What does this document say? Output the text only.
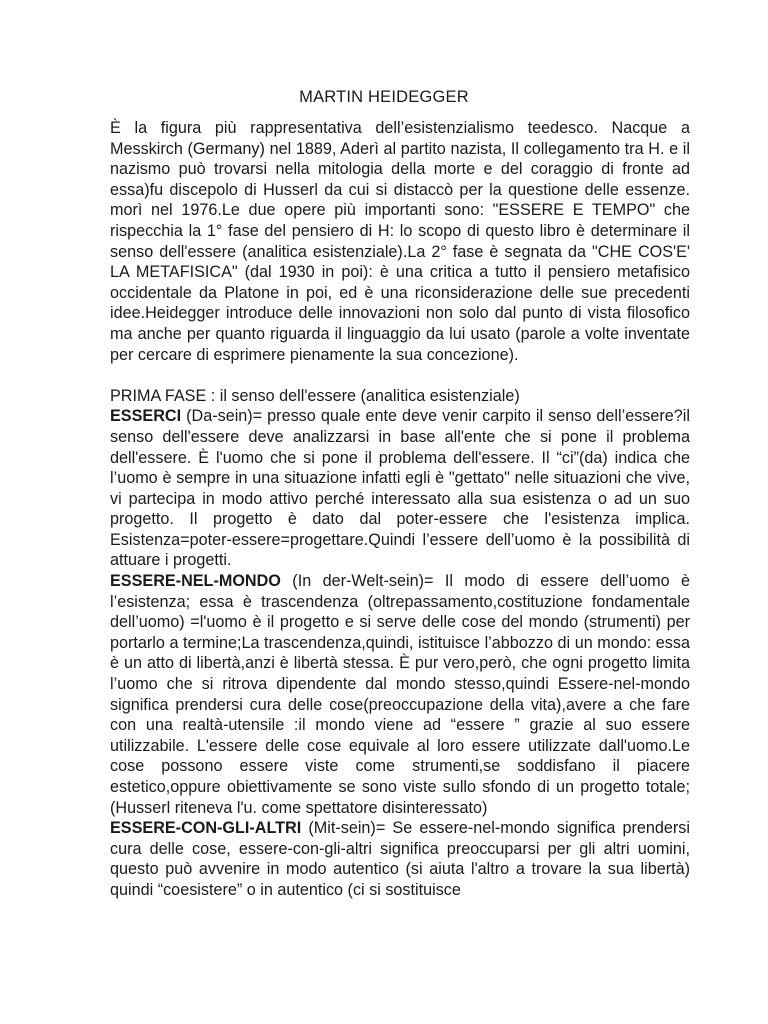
MARTIN HEIDEGGER

È la figura più rappresentativa dell’esistenzialismo teedesco. Nacque a Messkirch (Germany) nel 1889, Aderì al partito nazista, Il collegamento tra H. e il nazismo può trovarsi nella mitologia della morte e del coraggio di fronte ad essa)fu discepolo di Husserl da cui si distaccò per la questione delle essenze. morì nel 1976.Le due opere più importanti sono: "ESSERE E TEMPO" che rispecchia la 1° fase del pensiero di H: lo scopo di questo libro è determinare il senso dell'essere (analitica esistenziale).La 2° fase è segnata da "CHE COS'E' LA METAFISICA" (dal 1930 in poi): è una critica a tutto il pensiero metafisico occidentale da Platone in poi, ed è una riconsiderazione delle sue precedenti idee.Heidegger introduce delle innovazioni non solo dal punto di vista filosofico ma anche per quanto riguarda il linguaggio da lui usato (parole a volte inventate per cercare di esprimere pienamente la sua concezione).

PRIMA FASE : il senso dell'essere (analitica esistenziale)

ESSERCI (Da-sein)= presso quale ente deve venir carpito il senso dell’essere?il senso dell'essere deve analizzarsi in base all'ente che si pone il problema dell'essere. È l'uomo che si pone il problema dell'essere. Il “ci”(da) indica che l’uomo è sempre in una situazione infatti egli è "gettato" nelle situazioni che vive, vi partecipa in modo attivo perché interessato alla sua esistenza o ad un suo progetto. Il progetto è dato dal poter-essere che l'esistenza implica. Esistenza=poter-essere=progettare.Quindi l’essere dell’uomo è la possibilità di attuare i progetti.

ESSERE-NEL-MONDO (In der-Welt-sein)= Il modo di essere dell’uomo è l’esistenza; essa è trascendenza (oltrepassamento,costituzione fondamentale dell’uomo) =l'uomo è il progetto e si serve delle cose del mondo (strumenti) per portarlo a termine;La trascendenza,quindi, istituisce l’abbozzo di un mondo: essa è un atto di libertà,anzi è libertà stessa. È pur vero,però, che ogni progetto limita l’uomo che si ritrova dipendente dal mondo stesso,quindi Essere-nel-mondo significa prendersi cura delle cose(preoccupazione della vita),avere a che fare con una realtà-utensile :il mondo viene ad “essere ” grazie al suo essere utilizzabile. L'essere delle cose equivale al loro essere utilizzate dall'uomo.Le cose possono essere viste come strumenti,se soddisfano il piacere estetico,oppure obiettivamente se sono viste sullo sfondo di un progetto totale;(Husserl riteneva l'u. come spettatore disinteressato)

ESSERE-CON-GLI-ALTRI (Mit-sein)= Se essere-nel-mondo significa prendersi cura delle cose, essere-con-gli-altri significa preoccuparsi per gli altri uomini, questo può avvenire in modo autentico (si aiuta l'altro a trovare la sua libertà) quindi “coesistere” o in autentico (ci si sostituisce
